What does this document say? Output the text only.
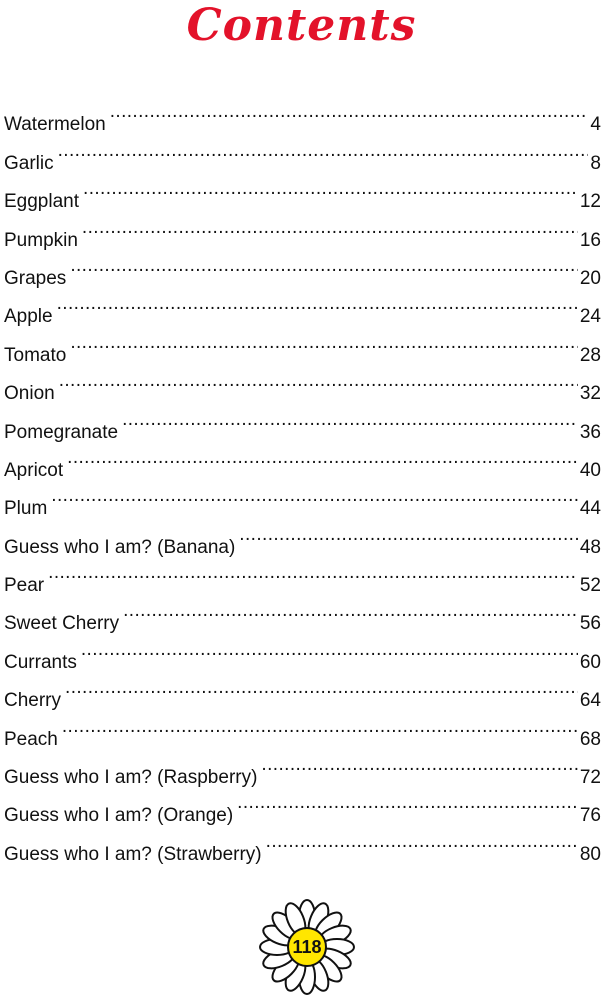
Contents
Watermelon .....	4
Garlic .....	8
Eggplant .....	12
Pumpkin .....	16
Grapes .....	20
Apple .....	24
Tomato .....	28
Onion .....	32
Pomegranate .....	36
Apricot .....	40
Plum .....	44
Guess who I am? (Banana) .....	48
Pear .....	52
Sweet Cherry .....	56
Currants .....	60
Cherry .....	64
Peach .....	68
Guess who I am? (Raspberry) .....	72
Guess who I am? (Orange) .....	76
Guess who I am? (Strawberry) .....	80
118
